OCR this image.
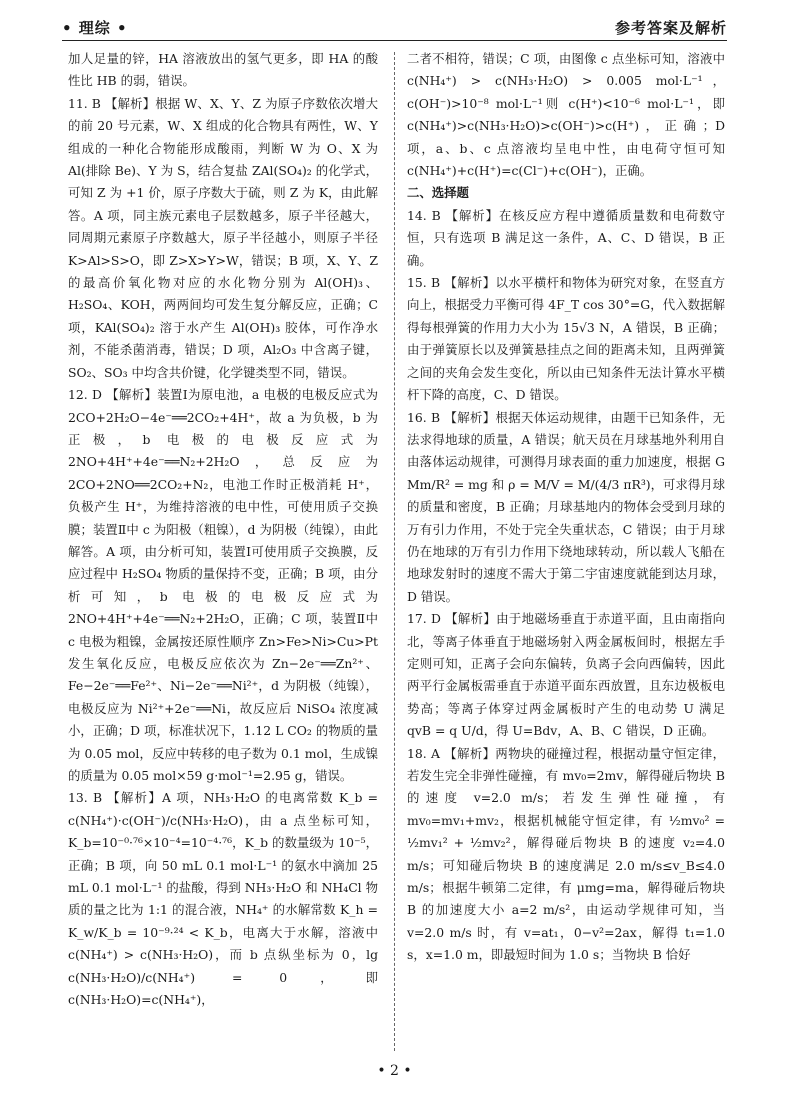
• 理综 •	参考答案及解析

加人足量的锌，HA 溶液放出的氢气更多，即 HA 的酸性比 HB 的弱，错误。

11. B 【解析】根据 W、X、Y、Z 为原子序数依次增大的前 20 号元素，W、X 组成的化合物具有两性，W、Y 组成的一种化合物能形成酸雨，判断 W 为 O、X 为 Al(排除 Be)、Y 为 S，结合复盐 ZAl(SO₄)₂ 的化学式，可知 Z 为 +1 价，原子序数大于硫，则 Z 为 K，由此解答。A 项，同主族元素电子层数越多，原子半径越大，同周期元素原子序数越大，原子半径越小，则原子半径 K>Al>S>O，即 Z>X>Y>W，错误；B 项，X、Y、Z 的最高价氧化物对应的水化物分别为 Al(OH)₃、H₂SO₄、KOH，两两间均可发生复分解反应，正确；C 项，KAl(SO₄)₂ 溶于水产生 Al(OH)₃ 胶体，可作净水剂，不能杀菌消毒，错误；D 项，Al₂O₃ 中含离子键，SO₂、SO₃ 中均含共价键，化学键类型不同，错误。

12. D 【解析】装置Ⅰ为原电池，a 电极的电极反应式为 2CO+2H₂O−4e⁻══2CO₂+4H⁺，故 a 为负极，b 为正极，b 电极的电极反应式为 2NO+4H⁺+4e⁻══N₂+2H₂O，总反应为 2CO+2NO══2CO₂+N₂，电池工作时正极消耗 H⁺，负极产生 H⁺，为维持溶液的电中性，可使用质子交换膜；装置Ⅱ中 c 为阳极（粗镍），d 为阴极（纯镍），由此解答。A 项，由分析可知，装置Ⅰ可使用质子交换膜，反应过程中 H₂SO₄ 物质的量保持不变，正确；B 项，由分析可知，b 电极的电极反应式为 2NO+4H⁺+4e⁻══N₂+2H₂O，正确；C 项，装置Ⅱ中 c 电极为粗镍，金属按还原性顺序 Zn>Fe>Ni>Cu>Pt 发生氧化反应，电极反应依次为 Zn−2e⁻══Zn²⁺、Fe−2e⁻══Fe²⁺、Ni−2e⁻══Ni²⁺，d 为阴极（纯镍），电极反应为 Ni²⁺+2e⁻══Ni，故反应后 NiSO₄ 浓度减小，正确；D 项，标准状况下，1.12 L CO₂ 的物质的量为 0.05 mol，反应中转移的电子数为 0.1 mol，生成镍的质量为 0.05 mol×59 g·mol⁻¹=2.95 g，错误。

13. B 【解析】A 项，NH₃·H₂O 的电离常数 K_b = c(NH₄⁺)·c(OH⁻)/c(NH₃·H₂O)，由 a 点坐标可知，K_b=10⁻⁰·⁷⁶×10⁻⁴=10⁻⁴·⁷⁶，K_b 的数量级为 10⁻⁵，正确；B 项，向 50 mL 0.1 mol·L⁻¹ 的氨水中滴加 25 mL 0.1 mol·L⁻¹ 的盐酸，得到 NH₃·H₂O 和 NH₄Cl 物质的量之比为 1:1 的混合液，NH₄⁺ 的水解常数 K_h = K_w/K_b = 10⁻⁹·²⁴ < K_b，电离大于水解，溶液中 c(NH₄⁺) > c(NH₃·H₂O)，而 b 点纵坐标为 0，lg c(NH₃·H₂O)/c(NH₄⁺) = 0，即 c(NH₃·H₂O)=c(NH₄⁺)，

二者不相符，错误；C 项，由图像 c 点坐标可知，溶液中 c(NH₄⁺) > c(NH₃·H₂O) > 0.005 mol·L⁻¹，c(OH⁻)>10⁻⁸ mol·L⁻¹则 c(H⁺)<10⁻⁶ mol·L⁻¹，即 c(NH₄⁺)>c(NH₃·H₂O)>c(OH⁻)>c(H⁺)，正确；D 项，a、b、c 点溶液均呈电中性，由电荷守恒可知 c(NH₄⁺)+c(H⁺)=c(Cl⁻)+c(OH⁻)，正确。

二、选择题

14. B 【解析】在核反应方程中遵循质量数和电荷数守恒，只有选项 B 满足这一条件，A、C、D 错误，B 正确。

15. B 【解析】以水平横杆和物体为研究对象，在竖直方向上，根据受力平衡可得 4F_T cos 30°=G，代入数据解得每根弹簧的作用力大小为 15√3 N，A 错误，B 正确；由于弹簧原长以及弹簧悬挂点之间的距离未知，且两弹簧之间的夹角会发生变化，所以由已知条件无法计算水平横杆下降的高度，C、D 错误。

16. B 【解析】根据天体运动规律，由题干已知条件，无法求得地球的质量，A 错误；航天员在月球基地外利用自由落体运动规律，可测得月球表面的重力加速度，根据 G Mm/R² = mg 和 ρ = M/V = M/(4/3 πR³)，可求得月球的质量和密度，B 正确；月球基地内的物体会受到月球的万有引力作用，不处于完全失重状态，C 错误；由于月球仍在地球的万有引力作用下绕地球转动，所以载人飞船在地球发射时的速度不需大于第二宇宙速度就能到达月球，D 错误。

17. D 【解析】由于地磁场垂直于赤道平面，且由南指向北，等离子体垂直于地磁场射入两金属板间时，根据左手定则可知，正离子会向东偏转，负离子会向西偏转，因此两平行金属板需垂直于赤道平面东西放置，且东边极板电势高；等离子体穿过两金属板时产生的电动势 U 满足 qvB = q U/d，得 U=Bdv，A、B、C 错误，D 正确。

18. A 【解析】两物块的碰撞过程，根据动量守恒定律，若发生完全非弹性碰撞，有 mv₀=2mv，解得碰后物块 B 的速度 v=2.0 m/s；若发生弹性碰撞，有 mv₀=mv₁+mv₂，根据机械能守恒定律，有 ½mv₀² = ½mv₁² + ½mv₂²，解得碰后物块 B 的速度 v₂=4.0 m/s；可知碰后物块 B 的速度满足 2.0 m/s≤v_B≤4.0 m/s；根据牛顿第二定律，有 μmg=ma，解得碰后物块 B 的加速度大小 a=2 m/s²，由运动学规律可知，当 v=2.0 m/s 时，有 v=at₁，0−v²=2ax，解得 t₁=1.0 s，x=1.0 m，即最短时间为 1.0 s；当物块 B 恰好

• 2 •
